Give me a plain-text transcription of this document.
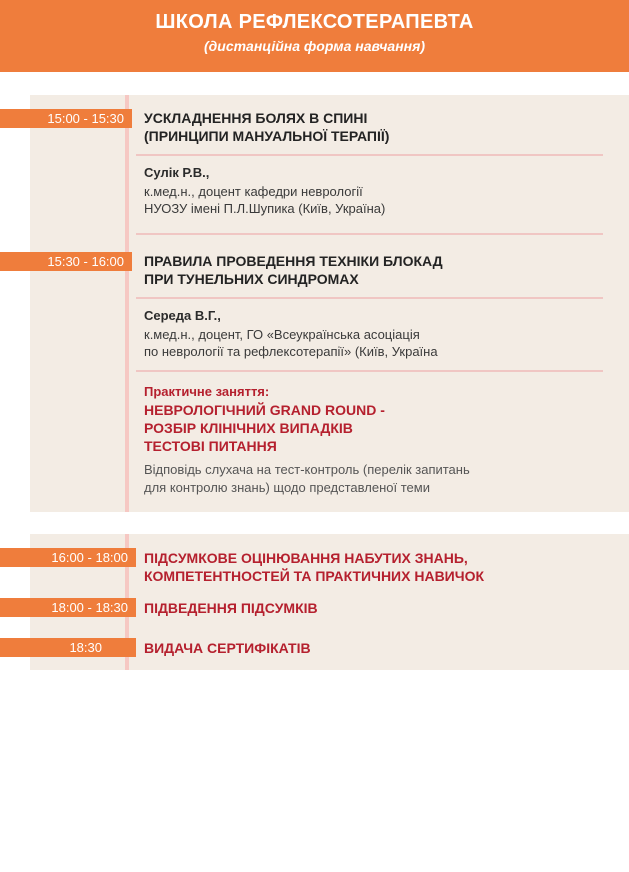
ШКОЛА РЕФЛЕКСОТЕРАПЕВТА
(дистанційна форма навчання)
15:00 - 15:30	УСКЛАДНЕННЯ БОЛЯХ В СПИНІ
(ПРИНЦИПИ МАНУАЛЬНОЇ ТЕРАПІЇ)
Сулік Р.В.,
к.мед.н., доцент кафедри неврології
НУОЗУ імені П.Л.Шупика (Київ, Україна)
15:30 - 16:00	ПРАВИЛА ПРОВЕДЕННЯ ТЕХНІКИ БЛОКАД
ПРИ ТУНЕЛЬНИХ СИНДРОМАХ
Середа В.Г.,
к.мед.н., доцент, ГО «Всеукраїнська асоціація
по неврології та рефлексотерапії» (Київ, Україна
Практичне заняття:
НЕВРОЛОГІЧНИЙ GRAND ROUND -
РОЗБІР КЛІНІЧНИХ ВИПАДКІВ
ТЕСТОВІ ПИТАННЯ
Відповідь слухача на тест-контроль (перелік запитань
для контролю знань) щодо представленої теми
16:00 - 18:00	ПІДСУМКОВЕ ОЦІНЮВАННЯ НАБУТИХ ЗНАНЬ,
КОМПЕТЕНТНОСТЕЙ ТА ПРАКТИЧНИХ НАВИЧОК
18:00 - 18:30	ПІДВЕДЕННЯ ПІДСУМКІВ
18:30	ВИДАЧА СЕРТИФІКАТІВ
